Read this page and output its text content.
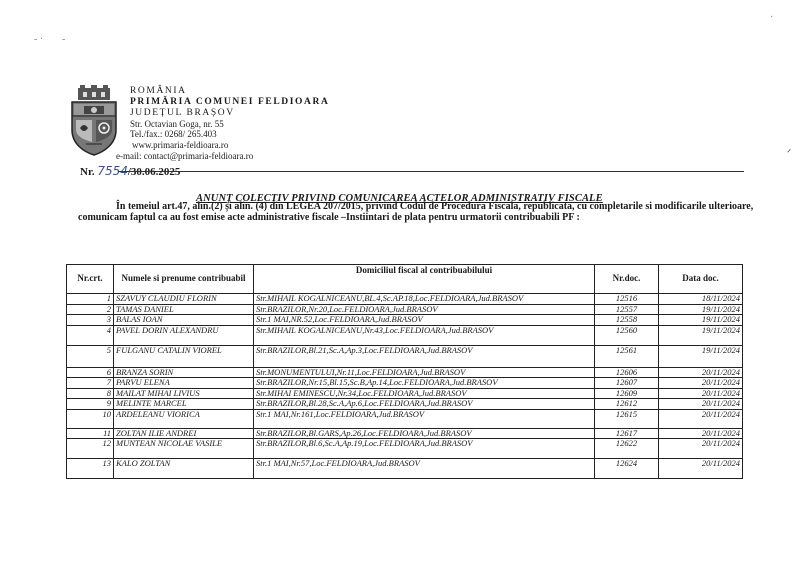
- · -
·
ᐟ
ROMÂNIA
PRIMĂRIA COMUNEI FELDIOARA
JUDEȚUL BRAȘOV
Str. Octavian Goga, nr. 55
Tel./fax.: 0268/ 265.403
www.primaria-feldioara.ro
e-mail: contact@primaria-feldioara.ro
Nr. 7554/30.06.2025
ANUNȚ COLECTIV PRIVIND COMUNICAREA ACTELOR ADMINISTRATIV FISCALE
În temeiul art.47, alin.(2) și alin. (4) din LEGEA 207/2015, privind Codul de Procedura Fiscala, republicata, cu completarile si modificarile ulterioare, comunicam faptul ca au fost emise acte administrative fiscale –Instiintari de plata pentru urmatorii contribuabili PF :
Nr.crt.	Numele si prenume contribuabil	Domiciliul fiscal al contribuabilului	Nr.doc.	Data doc.
1	SZAVUY CLAUDIU FLORIN	Str.MIHAIL KOGALNICEANU,BL.4,Sc.AP.18,Loc.FELDIOARA,Jud.BRASOV	12516	18/11/2024
2	TAMAS DANIEL	Str.BRAZILOR,Nr.20,Loc.FELDIOARA,Jud.BRASOV	12557	19/11/2024
3	BALAS IOAN	Str.1 MAI,NR.52,Loc.FELDIOARA,Jud.BRASOV	12558	19/11/2024
4	PAVEL DORIN ALEXANDRU	Str.MIHAIL KOGALNICEANU,Nr.43,Loc.FELDIOARA,Jud.BRASOV	12560	19/11/2024
5	FULGANU CATALIN VIOREL	Str.BRAZILOR,Bl.21,Sc.A,Ap.3,Loc.FELDIOARA,Jud.BRASOV	12561	19/11/2024
6	BRANZA SORIN	Str.MONUMENTULUI,Nr.11,Loc.FELDIOARA,Jud.BRASOV	12606	20/11/2024
7	PARVU ELENA	Str.BRAZILOR,Nr.15,Bl.15,Sc.B,Ap.14,Loc.FELDIOARA,Jud.BRASOV	12607	20/11/2024
8	MAILAT MIHAI LIVIUS	Str.MIHAI EMINESCU,Nr.34,Loc.FELDIOARA,Jud.BRASOV	12609	20/11/2024
9	MELINTE MARCEL	Str.BRAZILOR,Bl.28,Sc.A,Ap.6,Loc.FELDIOARA,Jud.BRASOV	12612	20/11/2024
10	ARDELEANU VIORICA	Str.1 MAI,Nr.161,Loc.FELDIOARA,Jud.BRASOV	12615	20/11/2024
11	ZOLTAN ILIE ANDREI	Str.BRAZILOR,Bl.GARS,Ap.26,Loc.FELDIOARA,Jud.BRASOV	12617	20/11/2024
12	MUNTEAN NICOLAE VASILE	Str.BRAZILOR,Bl.6,Sc.A,Ap.19,Loc.FELDIOARA,Jud.BRASOV	12622	20/11/2024
13	KALO ZOLTAN	Str.1 MAI,Nr.57,Loc.FELDIOARA,Jud.BRASOV	12624	20/11/2024
